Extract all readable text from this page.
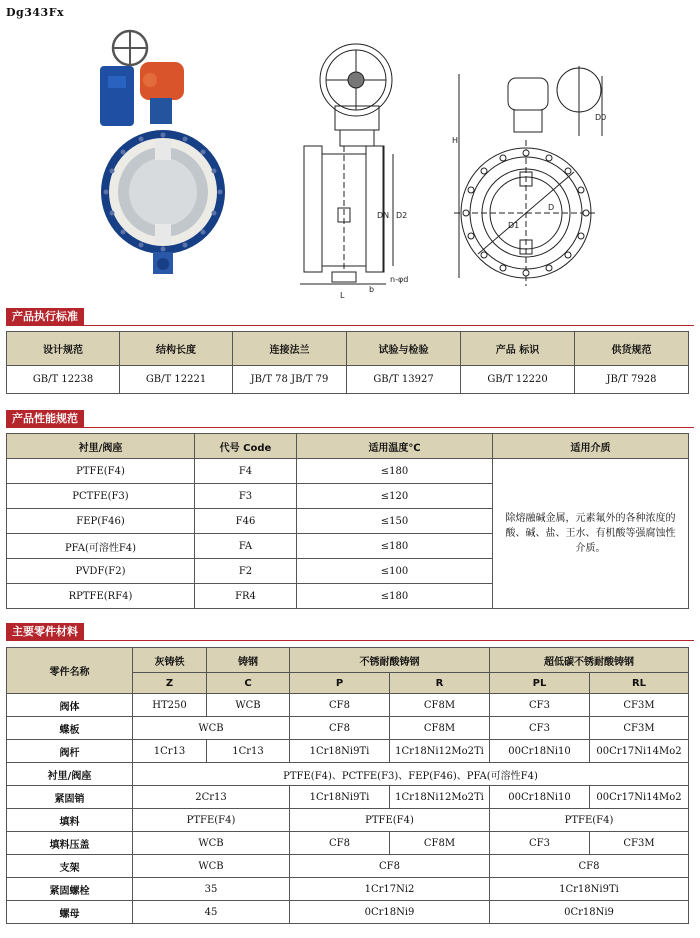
Dg343Fx
DN D2
L
b
n-φd
H
D0
D
D1
产品执行标准
设计规范	结构长度	连接法兰	试验与检验	产品 标识	供货规范
GB/T 12238	GB/T 12221	JB/T 78 JB/T 79	GB/T 13927	GB/T 12220	JB/T 7928
产品性能规范
衬里/阀座	代号 Code	适用温度℃	适用介质
PTFE(F4)	F4	≤180	除熔融碱金属，元素氟外的各种浓度的酸、碱、盐、王水、有机酸等强腐蚀性介质。
PCTFE(F3)	F3	≤120	
FEP(F46)	F46	≤150	
PFA(可溶性F4)	FA	≤180	
PVDF(F2)	F2	≤100	
RPTFE(RF4)	FR4	≤180	
主要零件材料
零件名称	灰铸铁	铸钢	不锈耐酸铸钢		超低碳不锈耐酸铸钢	
	Z	C	P	R	PL	RL
阀体	HT250	WCB	CF8	CF8M	CF3	CF3M
蝶板	WCB		CF8	CF8M	CF3	CF3M
阀杆	1Cr13	1Cr13	1Cr18Ni9Ti	1Cr18Ni12Mo2Ti	00Cr18Ni10	00Cr17Ni14Mo2
衬里/阀座	PTFE(F4)、PCTFE(F3)、FEP(F46)、PFA(可溶性F4)					
紧固销	2Cr13		1Cr18Ni9Ti	1Cr18Ni12Mo2Ti	00Cr18Ni10	00Cr17Ni14Mo2
填料	PTFE(F4)		PTFE(F4)		PTFE(F4)	
填料压盖	WCB		CF8	CF8M	CF3	CF3M
支架	WCB		CF8		CF8	
紧固螺栓	35		1Cr17Ni2		1Cr18Ni9Ti	
螺母	45		0Cr18Ni9		0Cr18Ni9	
